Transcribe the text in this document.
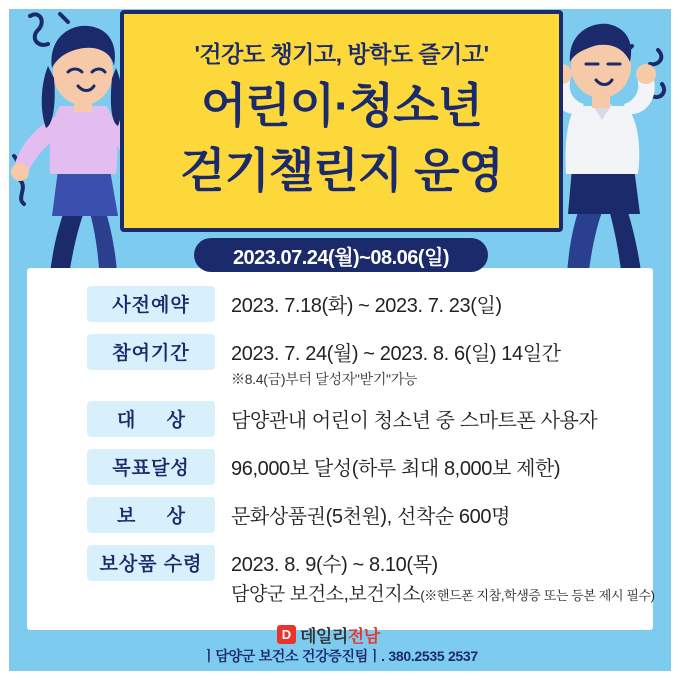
'건강도 챙기고, 방학도 즐기고'
어린이·청소년
걷기챌린지 운영
2023.07.24(월)~08.06(일)
사전예약	2023. 7.18(화) ~ 2023. 7. 23(일)
참여기간	2023. 7. 24(월) ~ 2023. 8. 6(일) 14일간
※8.4(금)부터 달성자"받기"가능
대 상	담양관내 어린이 청소년 중 스마트폰 사용자
목표달성	96,000보 달성(하루 최대 8,000보 제한)
보 상	문화상품권(5천원), 선착순 600명
보상품 수령	2023. 8. 9(수) ~ 8.10(목)
담양군 보건소,보건지소(※핸드폰 지참,학생증 또는 등본 제시 필수)
D 데일리전남
ㅣ담양군 보건소 건강증진팀ㅣ. 380.2535 2537
